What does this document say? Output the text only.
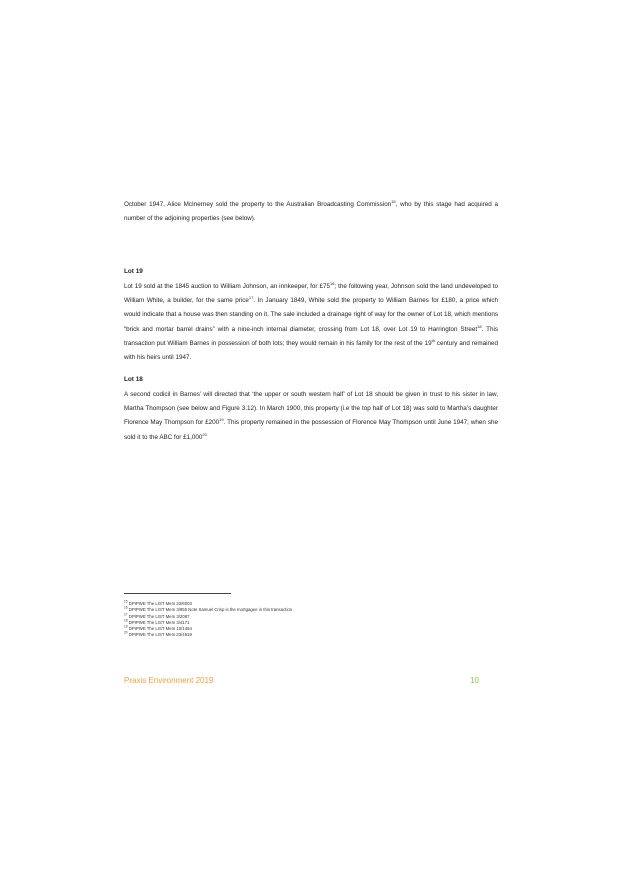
October 1947, Alice McInerney sold the property to the Australian Broadcasting Commission$^{15}$, who by this stage had acquired a number of the adjoining properties (see below).
Lot 19
Lot 19 sold at the 1845 auction to William Johnson, an innkeeper, for $£75^{16}$; the following year, Johnson sold the land undeveloped to William White, a builder, for the same price$^{17}$. In January 1849, White sold the property to William Barnes for £180, a price which would indicate that a house was then standing on it. The sale included a drainage right of way for the owner of Lot 18, which mentions “brick and mortar barrel drains” with a nine-inch internal diameter, crossing from Lot 18, over Lot 19 to Harrington Street$^{18}$. This transaction put William Barnes in possession of both lots; they would remain in his family for the rest of the 19th century and remained with his heirs until 1947.
Lot 18
A second codicil in Barnes’ will directed that ‘the upper or south western half’ of Lot 18 should be given in trust to his sister in law, Martha Thompson (see below and Figure 3.12). In March 1900, this property (i.e the top half of Lot 18) was sold to Martha’s daughter Florence May Thompson for $£200^{19}$. This property remained in the possession of Florence May Thompson until June 1947, when she sold it to the ABC for £1,000$^{20}$
$^{15}$ DPIPWE The LIST Mem 23/6003
$^{16}$ DPIPWE The LIST Mem 3/955 Note Samuel Crisp is the mortgagee in this transaction
$^{17}$ DPIPWE The LIST Mem 3/2087
$^{18}$ DPIPWE The LIST Mem 3/4171
$^{19}$ DPIPWE The LIST Mem 10/1454
$^{20}$ DPIPWE The LIST Mem 23/4519
Praxis Environment 2019	10
